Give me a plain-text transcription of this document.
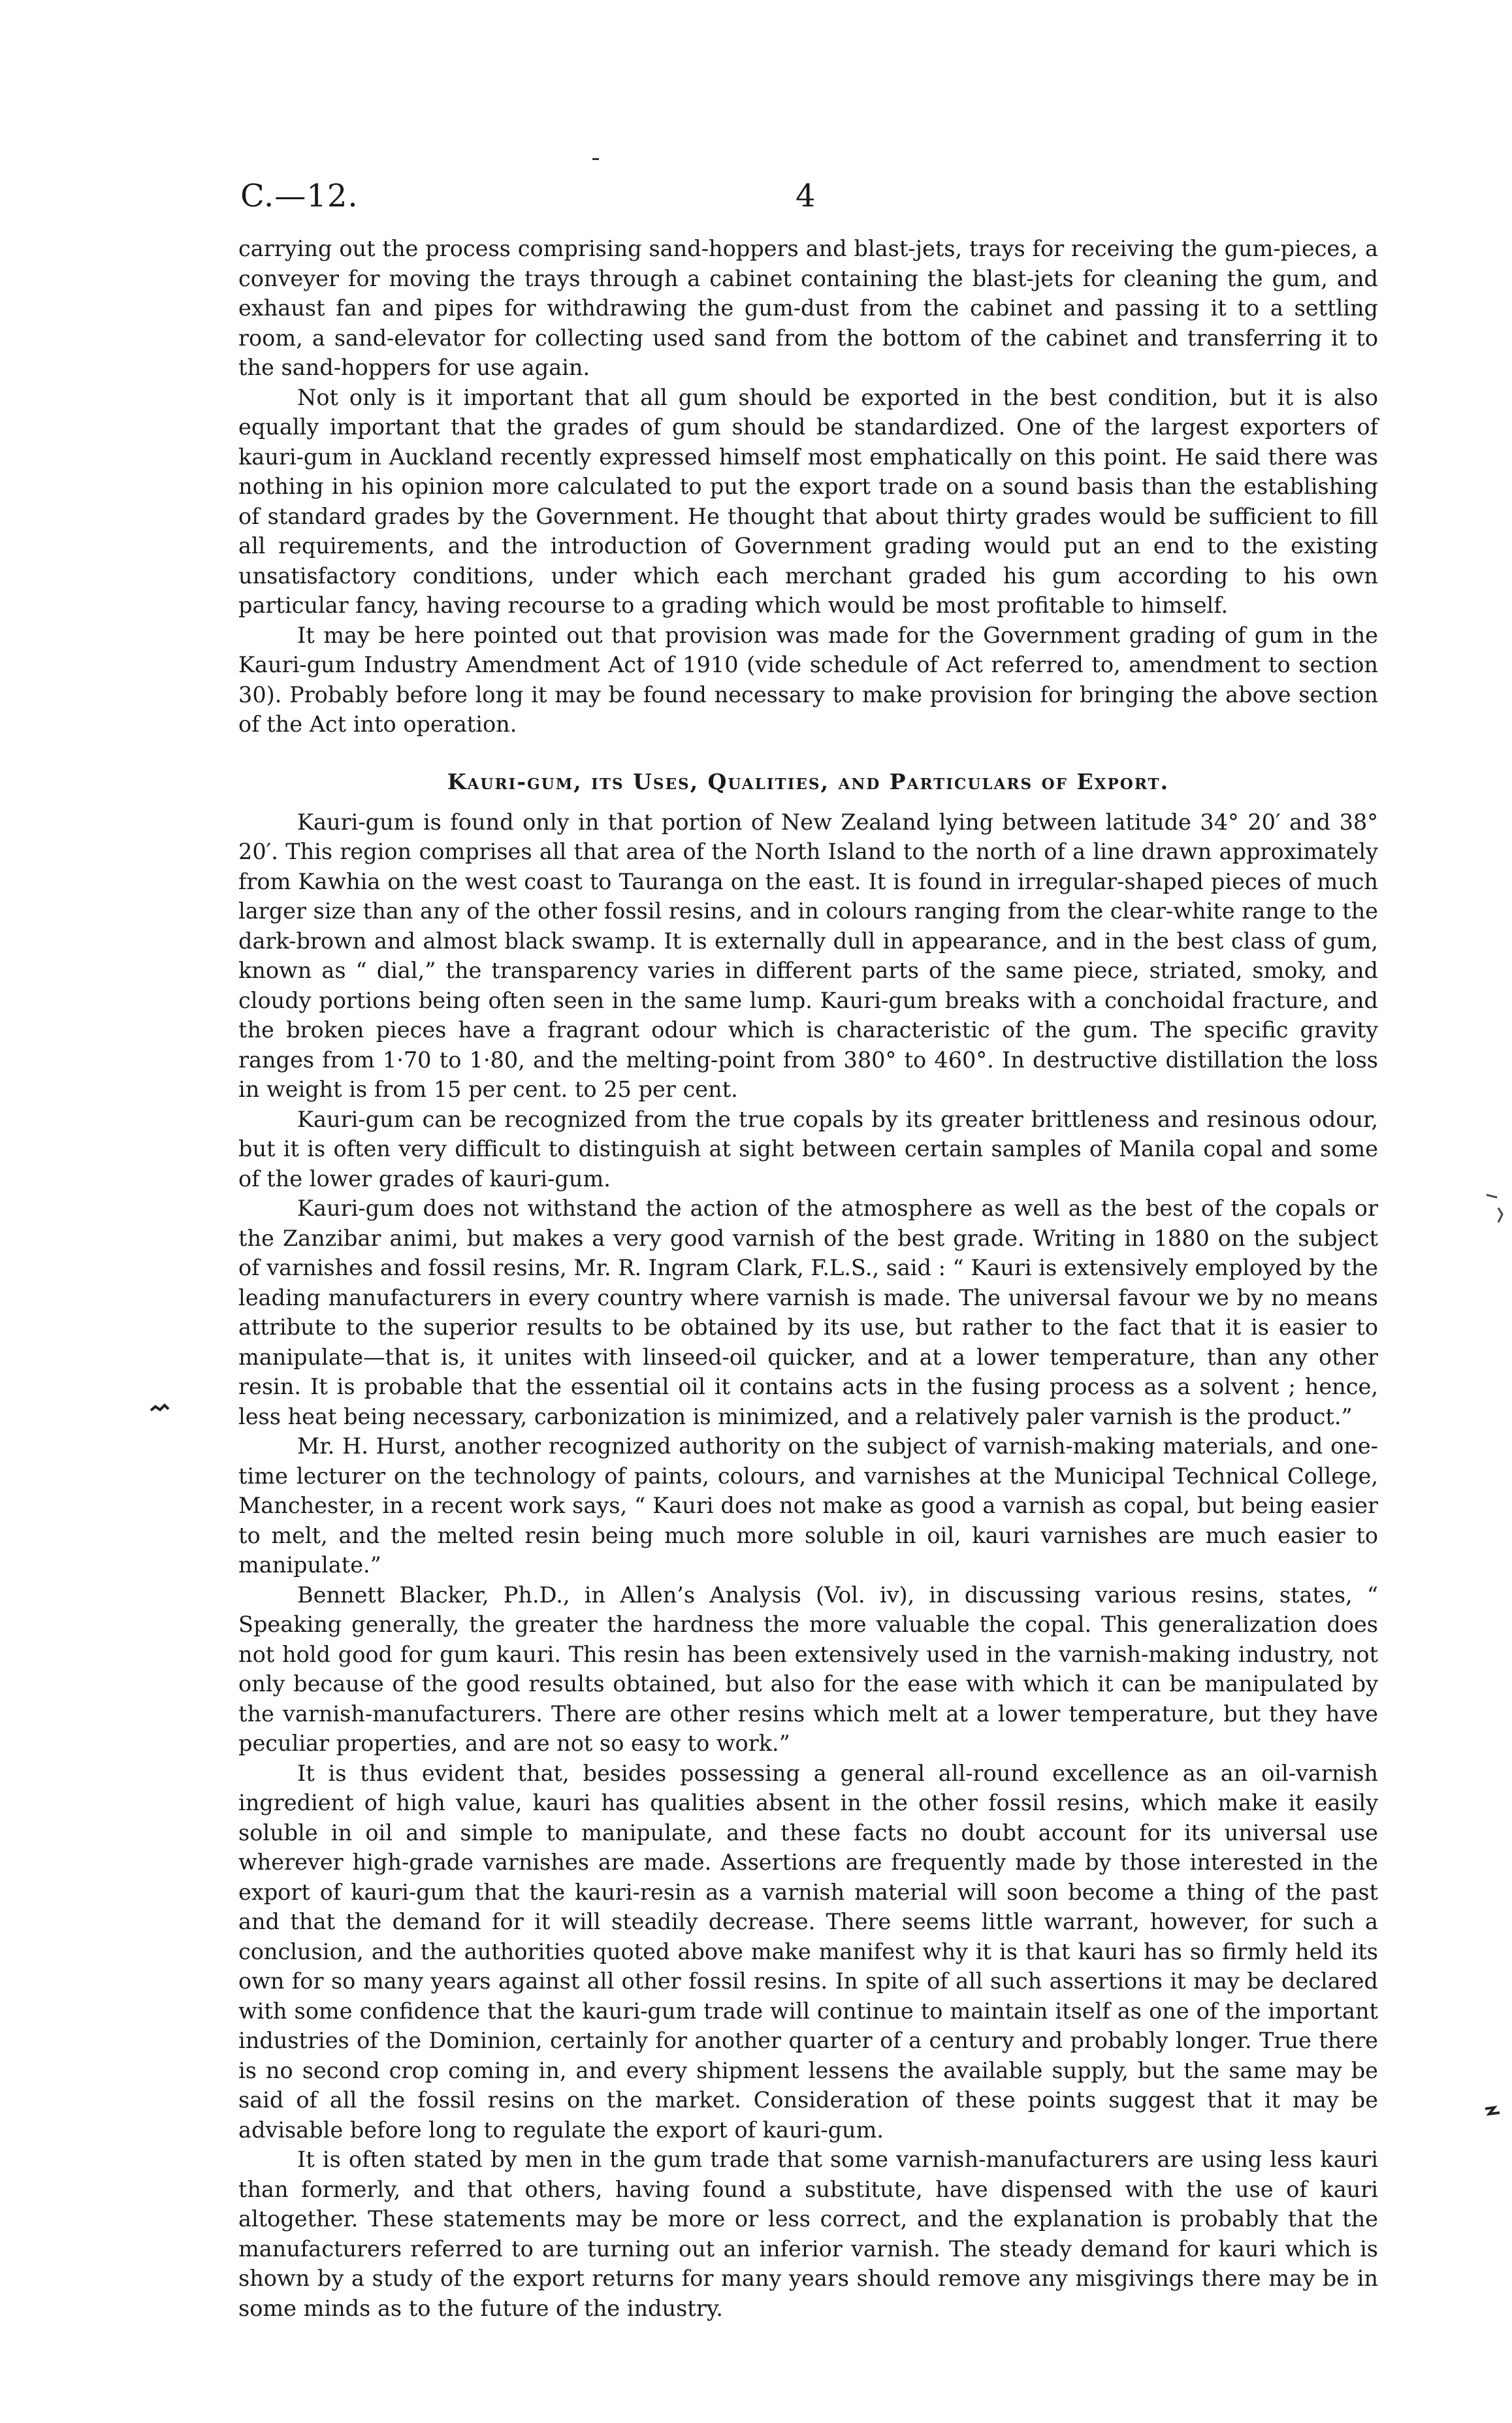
C.—12.	4

carrying out the process comprising sand-hoppers and blast-jets, trays for receiving the gum-pieces, a conveyer for moving the trays through a cabinet containing the blast-jets for cleaning the gum, and exhaust fan and pipes for withdrawing the gum-dust from the cabinet and passing it to a settling room, a sand-elevator for collecting used sand from the bottom of the cabinet and transferring it to the sand-hoppers for use again.

Not only is it important that all gum should be exported in the best condition, but it is also equally important that the grades of gum should be standardized. One of the largest exporters of kauri-gum in Auckland recently expressed himself most emphatically on this point. He said there was nothing in his opinion more calculated to put the export trade on a sound basis than the establishing of standard grades by the Government. He thought that about thirty grades would be sufficient to fill all requirements, and the introduction of Government grading would put an end to the existing unsatisfactory conditions, under which each merchant graded his gum according to his own particular fancy, having recourse to a grading which would be most profitable to himself.

It may be here pointed out that provision was made for the Government grading of gum in the Kauri-gum Industry Amendment Act of 1910 (vide schedule of Act referred to, amendment to section 30). Probably before long it may be found necessary to make provision for bringing the above section of the Act into operation.

Kauri-gum, its Uses, Qualities, and Particulars of Export.

Kauri-gum is found only in that portion of New Zealand lying between latitude 34° 20′ and 38° 20′. This region comprises all that area of the North Island to the north of a line drawn approximately from Kawhia on the west coast to Tauranga on the east. It is found in irregular-shaped pieces of much larger size than any of the other fossil resins, and in colours ranging from the clear-white range to the dark-brown and almost black swamp. It is externally dull in appearance, and in the best class of gum, known as “ dial,” the transparency varies in different parts of the same piece, striated, smoky, and cloudy portions being often seen in the same lump. Kauri-gum breaks with a conchoidal fracture, and the broken pieces have a fragrant odour which is characteristic of the gum. The specific gravity ranges from 1·70 to 1·80, and the melting-point from 380° to 460°. In destructive distillation the loss in weight is from 15 per cent. to 25 per cent.

Kauri-gum can be recognized from the true copals by its greater brittleness and resinous odour, but it is often very difficult to distinguish at sight between certain samples of Manila copal and some of the lower grades of kauri-gum.

Kauri-gum does not withstand the action of the atmosphere as well as the best of the copals or the Zanzibar animi, but makes a very good varnish of the best grade. Writing in 1880 on the subject of varnishes and fossil resins, Mr. R. Ingram Clark, F.L.S., said : “ Kauri is extensively employed by the leading manufacturers in every country where varnish is made. The universal favour we by no means attribute to the superior results to be obtained by its use, but rather to the fact that it is easier to manipulate—that is, it unites with linseed-oil quicker, and at a lower temperature, than any other resin. It is probable that the essential oil it contains acts in the fusing process as a solvent ; hence, less heat being necessary, carbonization is minimized, and a relatively paler varnish is the product.”

Mr. H. Hurst, another recognized authority on the subject of varnish-making materials, and one-time lecturer on the technology of paints, colours, and varnishes at the Municipal Technical College, Manchester, in a recent work says, “ Kauri does not make as good a varnish as copal, but being easier to melt, and the melted resin being much more soluble in oil, kauri varnishes are much easier to manipulate.”

Bennett Blacker, Ph.D., in Allen’s Analysis (Vol. iv), in discussing various resins, states, “ Speaking generally, the greater the hardness the more valuable the copal. This generalization does not hold good for gum kauri. This resin has been extensively used in the varnish-making industry, not only because of the good results obtained, but also for the ease with which it can be manipulated by the varnish-manufacturers. There are other resins which melt at a lower temperature, but they have peculiar properties, and are not so easy to work.”

It is thus evident that, besides possessing a general all-round excellence as an oil-varnish ingredient of high value, kauri has qualities absent in the other fossil resins, which make it easily soluble in oil and simple to manipulate, and these facts no doubt account for its universal use wherever high-grade varnishes are made. Assertions are frequently made by those interested in the export of kauri-gum that the kauri-resin as a varnish material will soon become a thing of the past and that the demand for it will steadily decrease. There seems little warrant, however, for such a conclusion, and the authorities quoted above make manifest why it is that kauri has so firmly held its own for so many years against all other fossil resins. In spite of all such assertions it may be declared with some confidence that the kauri-gum trade will continue to maintain itself as one of the important industries of the Dominion, certainly for another quarter of a century and probably longer. True there is no second crop coming in, and every shipment lessens the available supply, but the same may be said of all the fossil resins on the market. Consideration of these points suggest that it may be advisable before long to regulate the export of kauri-gum.

It is often stated by men in the gum trade that some varnish-manufacturers are using less kauri than formerly, and that others, having found a substitute, have dispensed with the use of kauri altogether. These statements may be more or less correct, and the explanation is probably that the manufacturers referred to are turning out an inferior varnish. The steady demand for kauri which is shown by a study of the export returns for many years should remove any misgivings there may be in some minds as to the future of the industry.
